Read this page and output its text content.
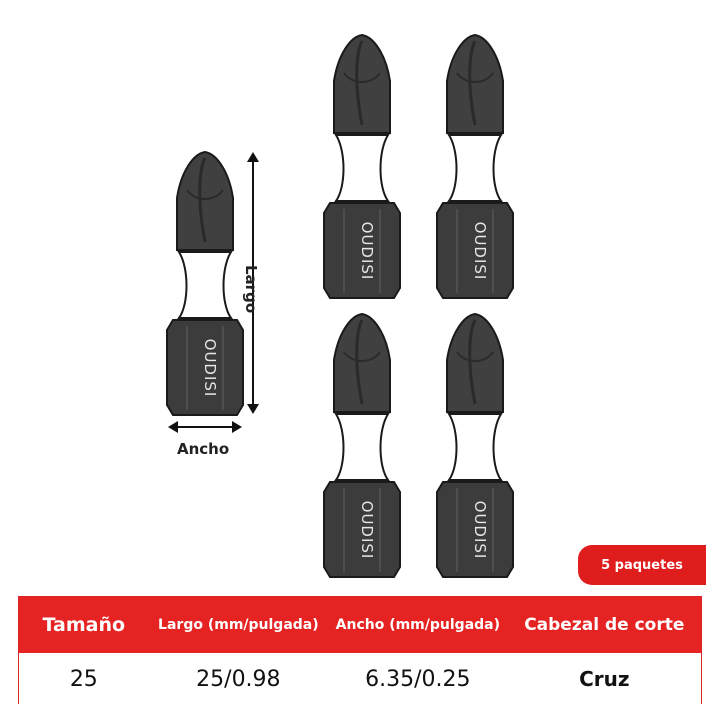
OUDISI
Largo
Ancho
OUDISI	OUDISI
OUDISI	OUDISI
5 paquetes
Tamaño	Largo (mm/pulgada)	Ancho (mm/pulgada)	Cabezal de corte
25	25/0.98	6.35/0.25	Cruz
